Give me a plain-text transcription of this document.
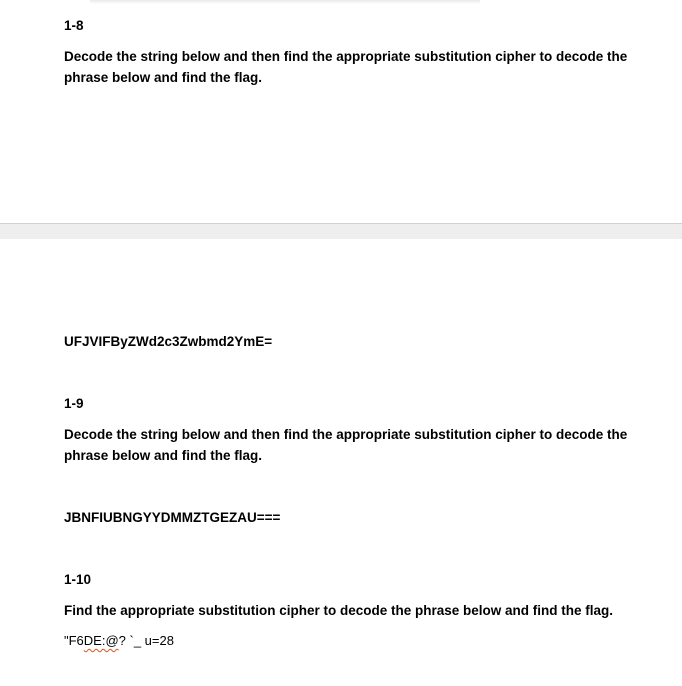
1-8
Decode the string below and then find the appropriate substitution cipher to decode the phrase below and find the flag.
UFJVIFByZWd2c3Zwbmd2YmE=
1-9
Decode the string below and then find the appropriate substitution cipher to decode the phrase below and find the flag.
JBNFIUBNGYYDMMZTGEZAU===
1-10
Find the appropriate substitution cipher to decode the phrase below and find the flag.
"F6DE:@? `_ u=28
